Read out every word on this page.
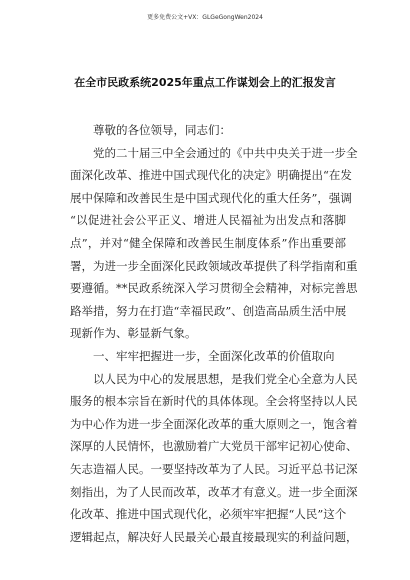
更多免费公文+VX：GLGeGongWen2024
在全市民政系统2025年重点工作谋划会上的汇报发言
尊敬的各位领导，同志们：
党的二十届三中全会通过的《中共中央关于进一步全
面深化改革、推进中国式现代化的决定》明确提出“在发
展中保障和改善民生是中国式现代化的重大任务”，强调
“以促进社会公平正义、增进人民福祉为出发点和落脚
点”，并对“健全保障和改善民生制度体系”作出重要部
署，为进一步全面深化民政领域改革提供了科学指南和重
要遵循。**民政系统深入学习贯彻全会精神，对标完善思
路举措，努力在打造“幸福民政”、创造高品质生活中展
现新作为、彰显新气象。
一、牢牢把握进一步，全面深化改革的价值取向
以人民为中心的发展思想，是我们党全心全意为人民
服务的根本宗旨在新时代的具体体现。全会将坚持以人民
为中心作为进一步全面深化改革的重大原则之一，饱含着
深厚的人民情怀，也激励着广大党员干部牢记初心使命、
矢志造福人民。一要坚持改革为了人民。习近平总书记深
刻指出，为了人民而改革，改革才有意义。进一步全面深
化改革、推进中国式现代化，必须牢牢把握“人民”这个
逻辑起点，解决好人民最关心最直接最现实的利益问题，
